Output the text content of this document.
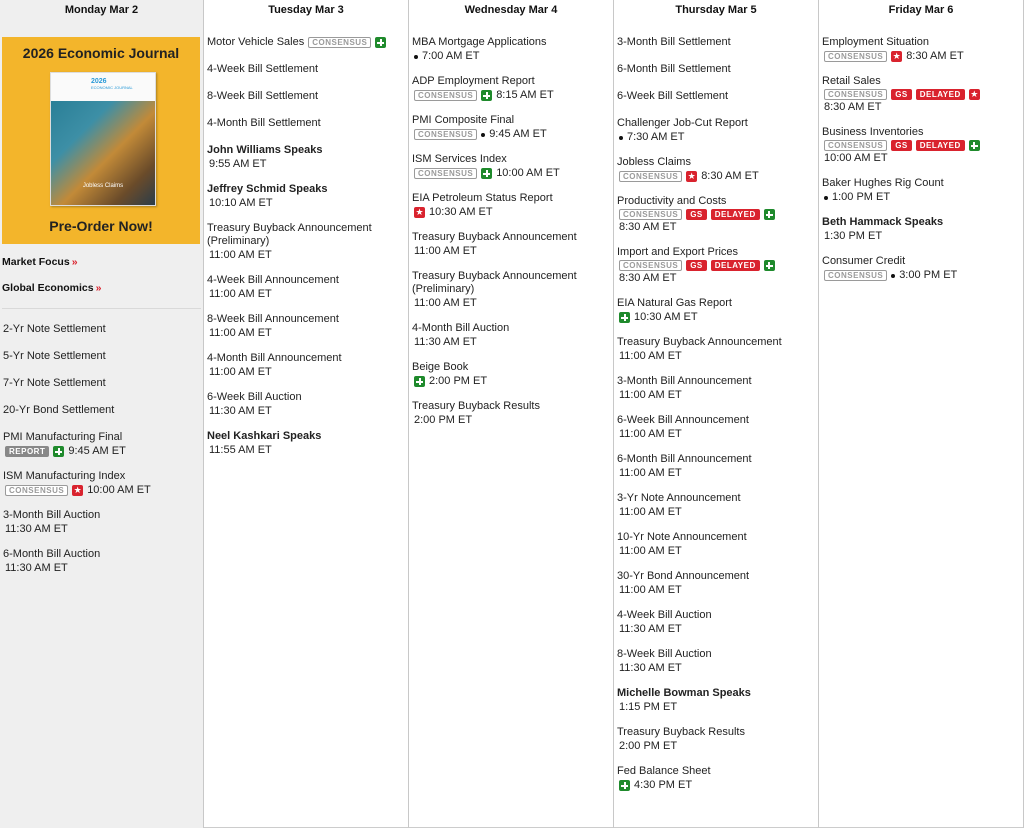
Monday Mar 2
2026 Economic Journal
2026
ECONOMIC JOURNAL
Jobless Claims
Pre-Order Now!
Market Focus »
Global Economics »
2-Yr Note Settlement
5-Yr Note Settlement
7-Yr Note Settlement
20-Yr Bond Settlement
PMI Manufacturing Final
REPORT	9:45 AM ET
ISM Manufacturing Index
CONSENSUS	★ 10:00 AM ET
3-Month Bill Auction
11:30 AM ET
6-Month Bill Auction
11:30 AM ET
Tuesday Mar 3
Motor Vehicle Sales	CONSENSUS
4-Week Bill Settlement
8-Week Bill Settlement
4-Month Bill Settlement
John Williams Speaks
9:55 AM ET
Jeffrey Schmid Speaks
10:10 AM ET
Treasury Buyback Announcement (Preliminary)
11:00 AM ET
4-Week Bill Announcement
11:00 AM ET
8-Week Bill Announcement
11:00 AM ET
4-Month Bill Announcement
11:00 AM ET
6-Week Bill Auction
11:30 AM ET
Neel Kashkari Speaks
11:55 AM ET
Wednesday Mar 4
MBA Mortgage Applications
7:00 AM ET
ADP Employment Report
CONSENSUS	8:15 AM ET
PMI Composite Final
CONSENSUS	9:45 AM ET
ISM Services Index
CONSENSUS	10:00 AM ET
EIA Petroleum Status Report
★ 10:30 AM ET
Treasury Buyback Announcement
11:00 AM ET
Treasury Buyback Announcement (Preliminary)
11:00 AM ET
4-Month Bill Auction
11:30 AM ET
Beige Book
2:00 PM ET
Treasury Buyback Results
2:00 PM ET
Thursday Mar 5
3-Month Bill Settlement
6-Month Bill Settlement
6-Week Bill Settlement
Challenger Job-Cut Report
7:30 AM ET
Jobless Claims
CONSENSUS	★ 8:30 AM ET
Productivity and Costs
CONSENSUS	GS	DELAYED
8:30 AM ET
Import and Export Prices
CONSENSUS	GS	DELAYED
8:30 AM ET
EIA Natural Gas Report
10:30 AM ET
Treasury Buyback Announcement
11:00 AM ET
3-Month Bill Announcement
11:00 AM ET
6-Week Bill Announcement
11:00 AM ET
6-Month Bill Announcement
11:00 AM ET
3-Yr Note Announcement
11:00 AM ET
10-Yr Note Announcement
11:00 AM ET
30-Yr Bond Announcement
11:00 AM ET
4-Week Bill Auction
11:30 AM ET
8-Week Bill Auction
11:30 AM ET
Michelle Bowman Speaks
1:15 PM ET
Treasury Buyback Results
2:00 PM ET
Fed Balance Sheet
4:30 PM ET
Friday Mar 6
Employment Situation
CONSENSUS	★ 8:30 AM ET
Retail Sales
CONSENSUS	GS	DELAYED	★
8:30 AM ET
Business Inventories
CONSENSUS	GS	DELAYED
10:00 AM ET
Baker Hughes Rig Count
1:00 PM ET
Beth Hammack Speaks
1:30 PM ET
Consumer Credit
CONSENSUS	3:00 PM ET
